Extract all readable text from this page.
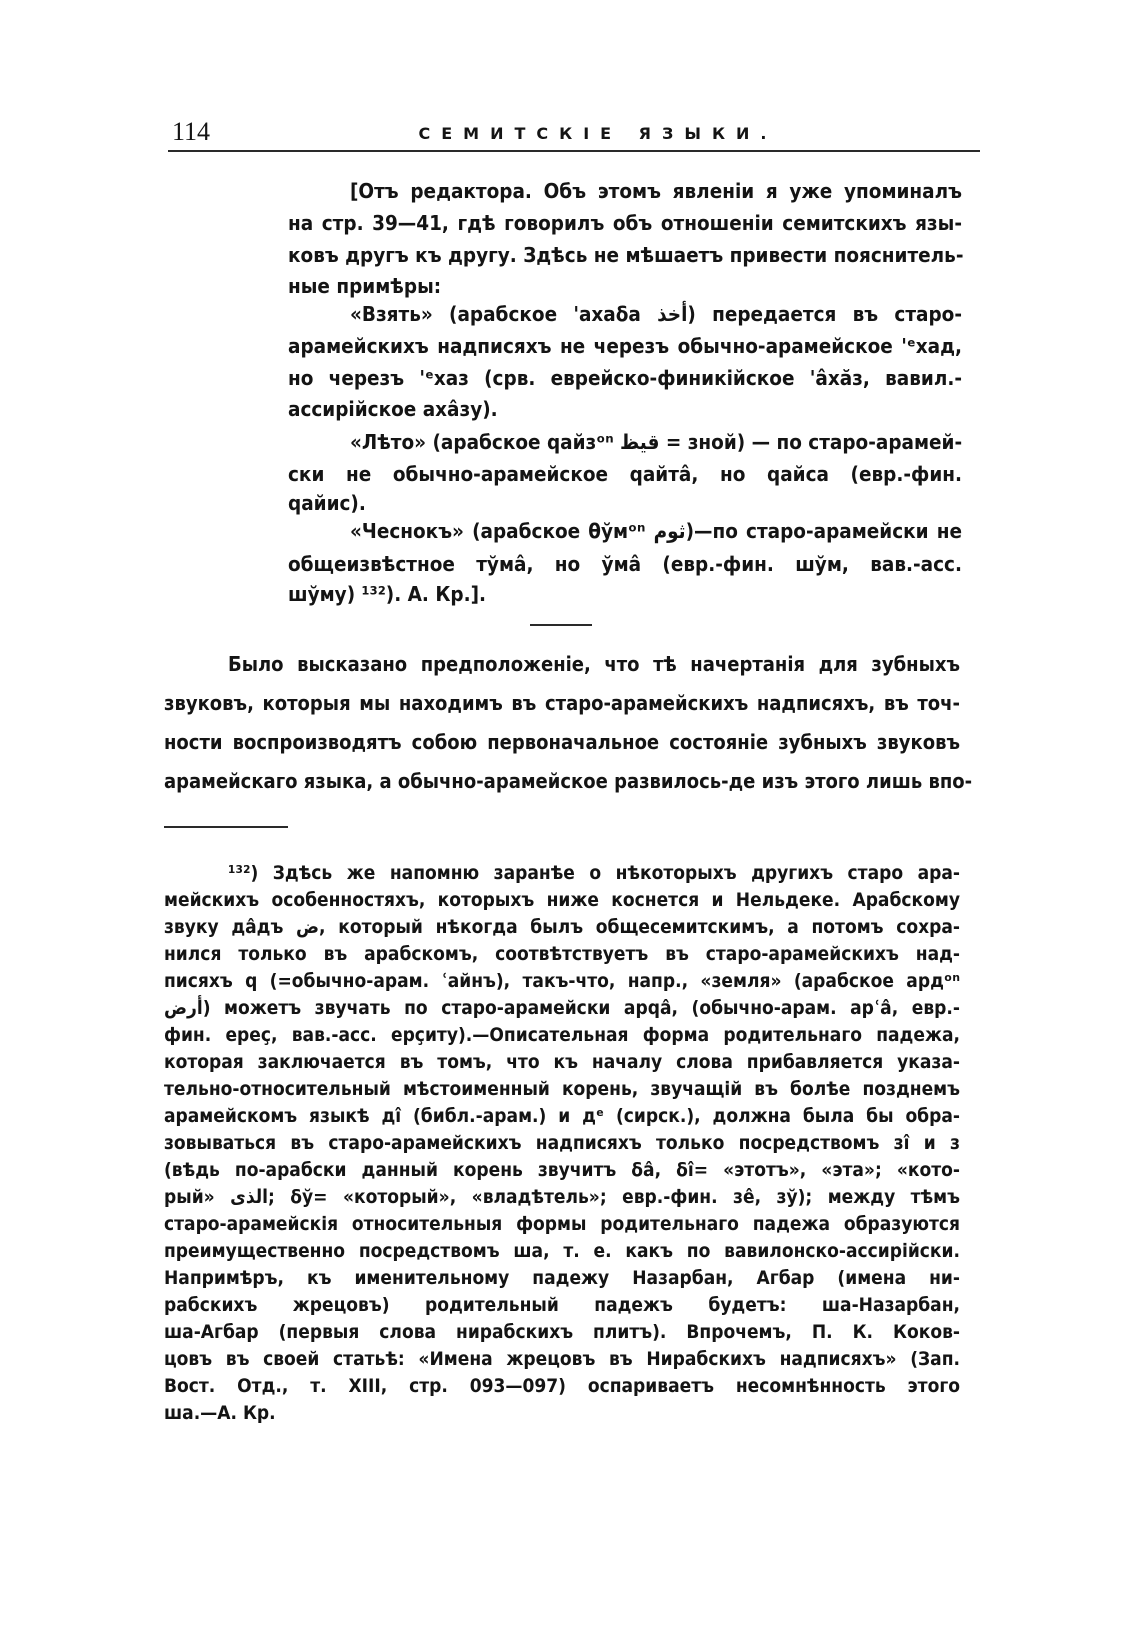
114	СЕМИТСКІЕ ЯЗЫКИ.
[Отъ редактора. Объ этомъ явленіи я уже упоминалъ
на стр. 39—41, гдѣ говорилъ объ отношеніи семитскихъ язы-
ковъ другъ къ другу. Здѣсь не мѣшаетъ привести пояснитель-
ные примѣры:
«Взять» (арабское 'ахаδа أخذ) передается въ старо-
арамейскихъ надписяхъ не черезъ обычно-арамейское 'ᵉхад,
но черезъ 'ᵉхаз (срв. еврейско-финикійское 'âхăз, вавил.-
ассирійское ахâзу).
«Лѣто» (арабское qайзᵒⁿ قيظ = зной) — по старо-арамей-
ски не обычно-арамейское qайтâ, но qайса (евр.-фин.
qайис).
«Чеснокъ» (арабское θўмᵒⁿ ثوم)—по старо-арамейски не
общеизвѣстное тўмâ, но ўмâ (евр.-фин. шўм, вав.-асс.
шўму) ¹³²). А. Кр.].
Было высказано предположеніе, что тѣ начертанія для зубныхъ
звуковъ, которыя мы находимъ въ старо-арамейскихъ надписяхъ, въ точ-
ности воспроизводятъ собою первоначальное состояніе зубныхъ звуковъ
арамейскаго языка, а обычно-арамейское развилось-де изъ этого лишь впо-
¹³²) Здѣсь же напомню заранѣе о нѣкоторыхъ другихъ старо ара-
мейскихъ особенностяхъ, которыхъ ниже коснется и Нельдеке. Арабскому
звуку дâдъ ض, который нѣкогда былъ общесемитскимъ, а потомъ сохра-
нился только въ арабскомъ, соотвѣтствуетъ въ старо-арамейскихъ над-
писяхъ q (=обычно-арам. ʿайнъ), такъ-что, напр., «земля» (арабское ардᵒⁿ
أرض) можетъ звучать по старо-арамейски арqâ, (обычно-арам. арʿâ, евр.-
фин. ереç, вав.-асс. ерçиту).—Описательная форма родительнаго падежа,
которая заключается въ томъ, что къ началу слова прибавляется указа-
тельно-относительный мѣстоименный корень, звучащій въ болѣе позднемъ
арамейскомъ языкѣ дî (библ.-арам.) и дᵉ (сирск.), должна была бы обра-
зовываться въ старо-арамейскихъ надписяхъ только посредствомъ зî и з
(вѣдь по-арабски данный корень звучитъ δâ, δî= «этотъ», «эта»; «кото-
рый» الذى; δў= «который», «владѣтель»; евр.-фин. зê, зў); между тѣмъ
старо-арамейскія относительныя формы родительнаго падежа образуются
преимущественно посредствомъ ша, т. е. какъ по вавилонско-ассирійски.
Напримѣръ, къ именительному падежу Назарбан, Агбар (имена ни-
рабскихъ жрецовъ) родительный падежъ будетъ: ша-Назарбан,
ша-Агбар (первыя слова нирабскихъ плитъ). Впрочемъ, П. К. Коков-
цовъ въ своей статьѣ: «Имена жрецовъ въ Нирабскихъ надписяхъ» (Зап.
Вост. Отд., т. XIII, стр. 093—097) оспариваетъ несомнѣнность этого
ша.—А. Кр.
